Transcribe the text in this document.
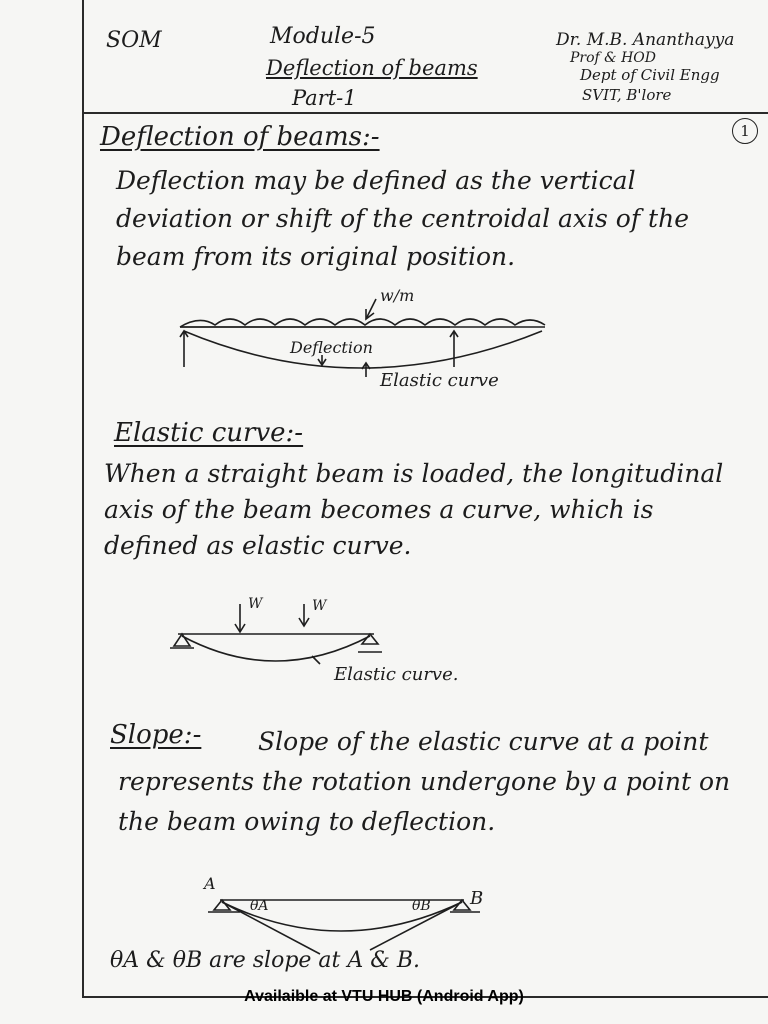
SOM	Module-5
Deflection of beams
Part-1
Dr. M.B. Ananthayya
Prof & HOD
Dept of Civil Engg
SVIT, B'lore
1
Deflection of beams:-
Deflection may be defined as the vertical deviation or shift of the centroidal axis of the beam from its original position.
w/m
Deflection
Elastic curve
Elastic curve:-
When a straight beam is loaded, the longitudinal axis of the beam becomes a curve, which is defined as elastic curve.
W	W
Elastic curve.
Slope:-	Slope of the elastic curve at a point represents the rotation undergone by a point on the beam owing to deflection.
A
B
θA	θB
θA & θB are slope at A & B.
Availaible at VTU HUB (Android App)
